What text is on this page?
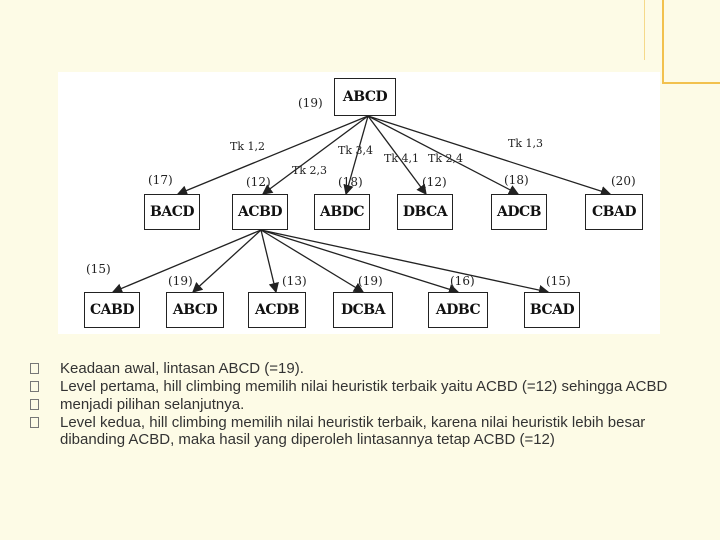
ABCD
(19)
BACD	ACBD	ABDC	DBCA	ADCB	CBAD
(17)	(12)	(18)	(12)	(18)	(20)
Tk 1,2
Tk 2,3
Tk 3,4
Tk 4,1 Tk 2,4
Tk 1,3
CABD	ABCD	ACDB	DCBA	ADBC	BCAD
(15)
(19)	(13)	(19)	(16)	(15)
Keadaan awal, lintasan ABCD (=19).
Level pertama, hill climbing memilih nilai heuristik terbaik yaitu ACBD (=12) sehingga ACBD
menjadi pilihan selanjutnya.
Level kedua, hill climbing memilih nilai heuristik terbaik, karena nilai heuristik lebih besar dibanding ACBD, maka hasil yang diperoleh lintasannya tetap ACBD (=12)
